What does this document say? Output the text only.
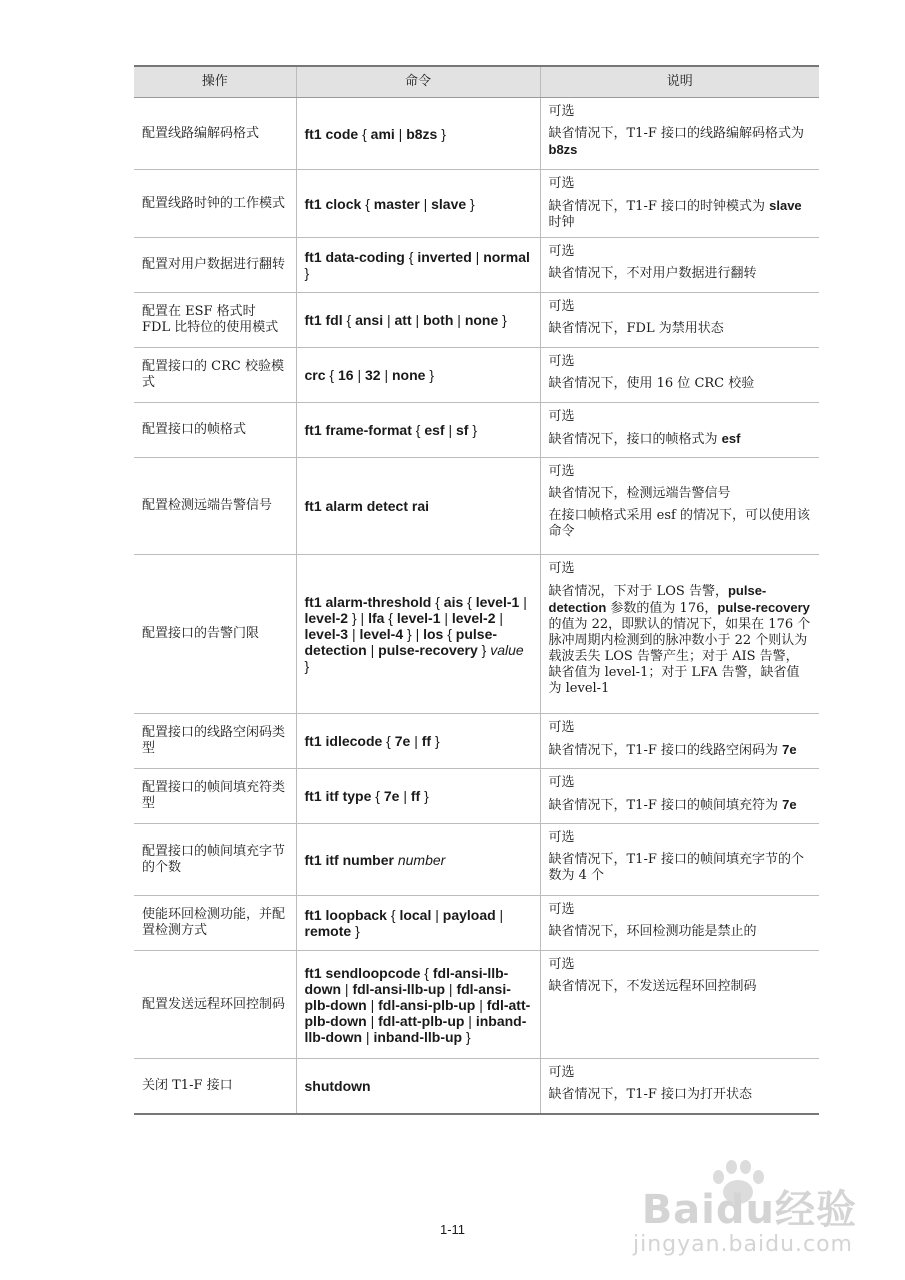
操作	命令	说明
配置线路编解码格式	ft1 code { ami | b8zs }	可选

缺省情况下，T1-F 接口的线路编解码格式为 b8zs

配置线路时钟的工作模式	ft1 clock { master | slave }	可选

缺省情况下，T1-F 接口的时钟模式为 slave 时钟

配置对用户数据进行翻转	ft1 data-coding { inverted | normal }	可选

缺省情况下，不对用户数据进行翻转

配置在 ESF 格式时 FDL 比特位的使用模式	ft1 fdl { ansi | att | both | none }	可选

缺省情况下，FDL 为禁用状态

配置接口的 CRC 校验模式	crc { 16 | 32 | none }	可选

缺省情况下，使用 16 位 CRC 校验

配置接口的帧格式	ft1 frame-format { esf | sf }	可选

缺省情况下，接口的帧格式为 esf

配置检测远端告警信号	ft1 alarm detect rai	可选

缺省情况下，检测远端告警信号

在接口帧格式采用 esf 的情况下，可以使用该命令

配置接口的告警门限	ft1 alarm-threshold { ais { level-1 | level-2 } | lfa { level-1 | level-2 | level-3 | level-4 } | los { pulse-detection | pulse-recovery } value }	可选

缺省情况，下对于 LOS 告警，pulse-detection 参数的值为 176，pulse-recovery 的值为 22，即默认的情况下，如果在 176 个脉冲周期内检测到的脉冲数小于 22 个则认为载波丢失 LOS 告警产生；对于 AIS 告警，缺省值为 level-1；对于 LFA 告警，缺省值为 level-1

配置接口的线路空闲码类型	ft1 idlecode { 7e | ff }	可选

缺省情况下，T1-F 接口的线路空闲码为 7e

配置接口的帧间填充符类型	ft1 itf type { 7e | ff }	可选

缺省情况下，T1-F 接口的帧间填充符为 7e

配置接口的帧间填充字节的个数	ft1 itf number number	可选

缺省情况下，T1-F 接口的帧间填充字节的个数为 4 个

使能环回检测功能，并配置检测方式	ft1 loopback { local | payload | remote }	可选

缺省情况下，环回检测功能是禁止的

配置发送远程环回控制码	ft1 sendloopcode { fdl-ansi-llb-down | fdl-ansi-llb-up | fdl-ansi-plb-down | fdl-ansi-plb-up | fdl-att-plb-down | fdl-att-plb-up | inband-llb-down | inband-llb-up }	可选

缺省情况下，不发送远程环回控制码

关闭 T1-F 接口	shutdown	可选

缺省情况下，T1-F 接口为打开状态

1-11	Baidu经验
jingyan.baidu.com
